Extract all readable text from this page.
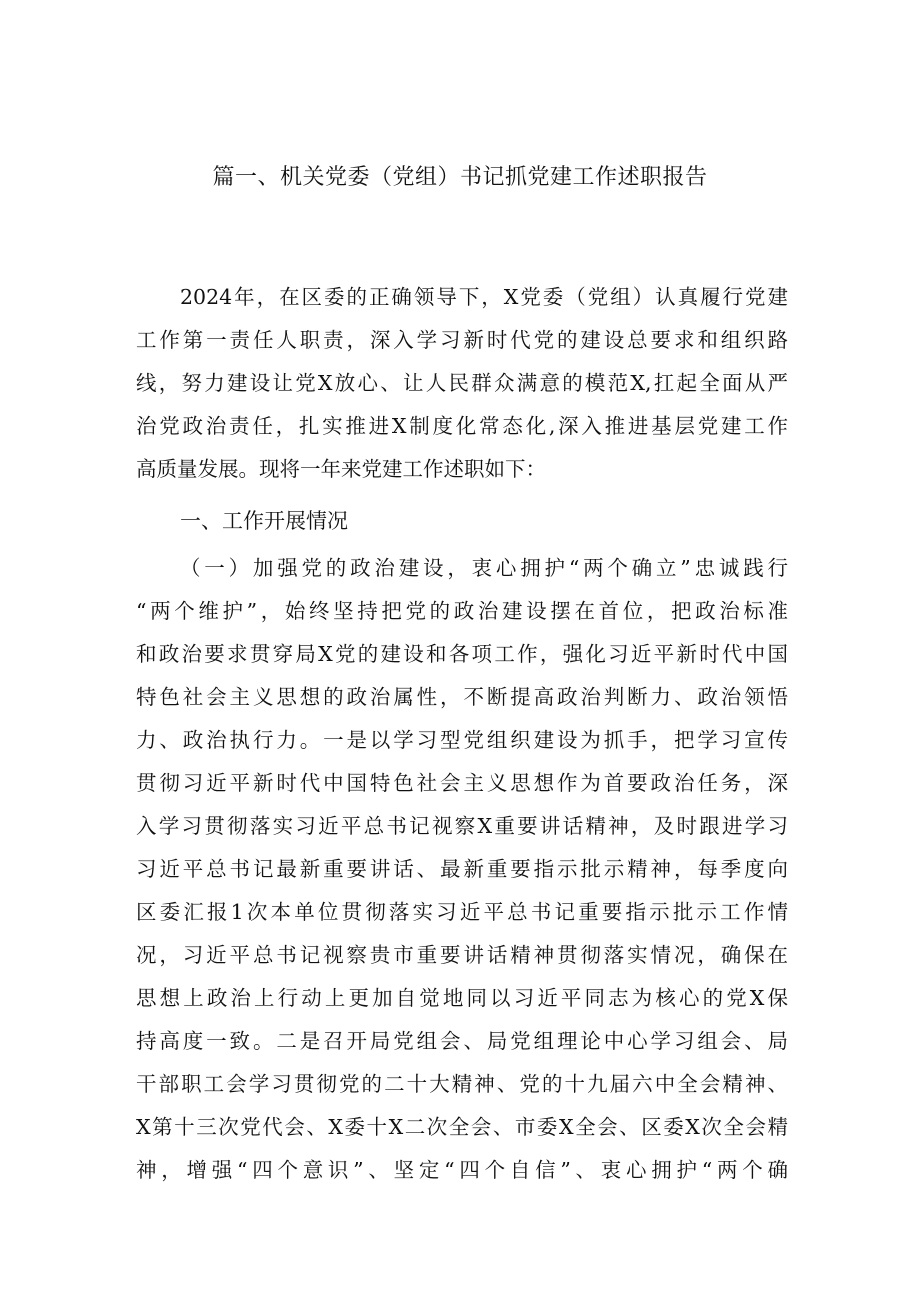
篇一、机关党委（党组）书记抓党建工作述职报告
2024年，在区委的正确领导下，X党委（党组）认真履行党建
工作第一责任人职责，深入学习新时代党的建设总要求和组织路
线，努力建设让党X放心、让人民群众满意的模范X,扛起全面从严
治党政治责任，扎实推进X制度化常态化,深入推进基层党建工作
高质量发展。现将一年来党建工作述职如下：
一、工作开展情况
（一）加强党的政治建设，衷心拥护“两个确立”忠诚践行
“两个维护”，始终坚持把党的政治建设摆在首位，把政治标准
和政治要求贯穿局X党的建设和各项工作，强化习近平新时代中国
特色社会主义思想的政治属性，不断提高政治判断力、政治领悟
力、政治执行力。一是以学习型党组织建设为抓手，把学习宣传
贯彻习近平新时代中国特色社会主义思想作为首要政治任务，深
入学习贯彻落实习近平总书记视察X重要讲话精神，及时跟进学习
习近平总书记最新重要讲话、最新重要指示批示精神，每季度向
区委汇报1次本单位贯彻落实习近平总书记重要指示批示工作情
况，习近平总书记视察贵市重要讲话精神贯彻落实情况，确保在
思想上政治上行动上更加自觉地同以习近平同志为核心的党X保
持高度一致。二是召开局党组会、局党组理论中心学习组会、局
干部职工会学习贯彻党的二十大精神、党的十九届六中全会精神、
X第十三次党代会、X委十X二次全会、市委X全会、区委X次全会精
神，增强“四个意识”、坚定“四个自信”、衷心拥护“两个确
